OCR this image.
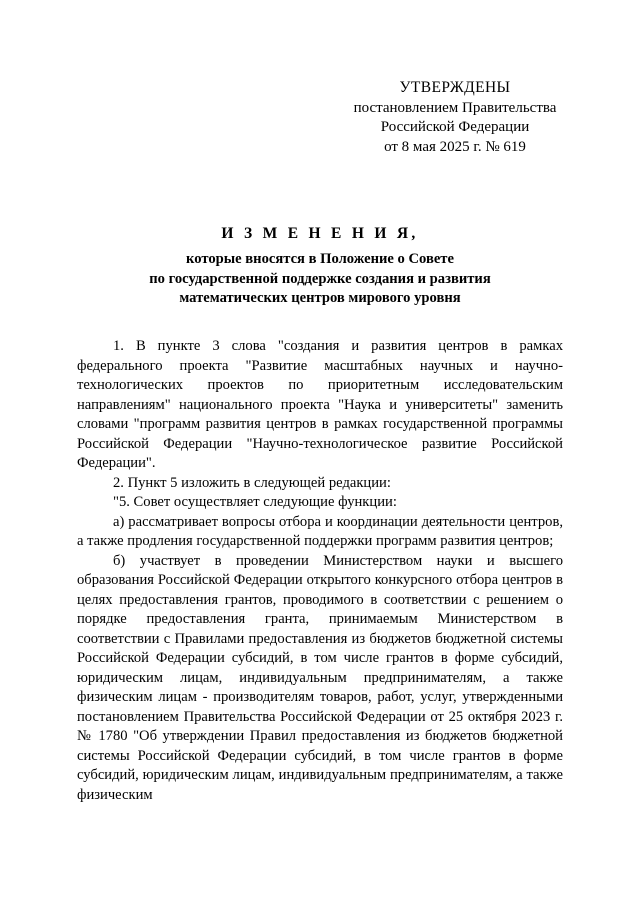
УТВЕРЖДЕНЫ
постановлением Правительства
Российской Федерации
от 8 мая 2025 г. № 619
И З М Е Н Е Н И Я,
которые вносятся в Положение о Совете
по государственной поддержке создания и развития
математических центров мирового уровня

1. В пункте 3 слова "создания и развития центров в рамках федерального проекта "Развитие масштабных научных и научно-технологических проектов по приоритетным исследовательским направлениям" национального проекта "Наука и университеты" заменить словами "программ развития центров в рамках государственной программы Российской Федерации "Научно-технологическое развитие Российской Федерации".

2. Пункт 5 изложить в следующей редакции:

"5. Совет осуществляет следующие функции:

а) рассматривает вопросы отбора и координации деятельности центров, а также продления государственной поддержки программ развития центров;

б) участвует в проведении Министерством науки и высшего образования Российской Федерации открытого конкурсного отбора центров в целях предоставления грантов, проводимого в соответствии с решением о порядке предоставления гранта, принимаемым Министерством в соответствии с Правилами предоставления из бюджетов бюджетной системы Российской Федерации субсидий, в том числе грантов в форме субсидий, юридическим лицам, индивидуальным предпринимателям, а также физическим лицам - производителям товаров, работ, услуг, утвержденными постановлением Правительства Российской Федерации от 25 октября 2023 г. № 1780 "Об утверждении Правил предоставления из бюджетов бюджетной системы Российской Федерации субсидий, в том числе грантов в форме субсидий, юридическим лицам, индивидуальным предпринимателям, а также физическим
